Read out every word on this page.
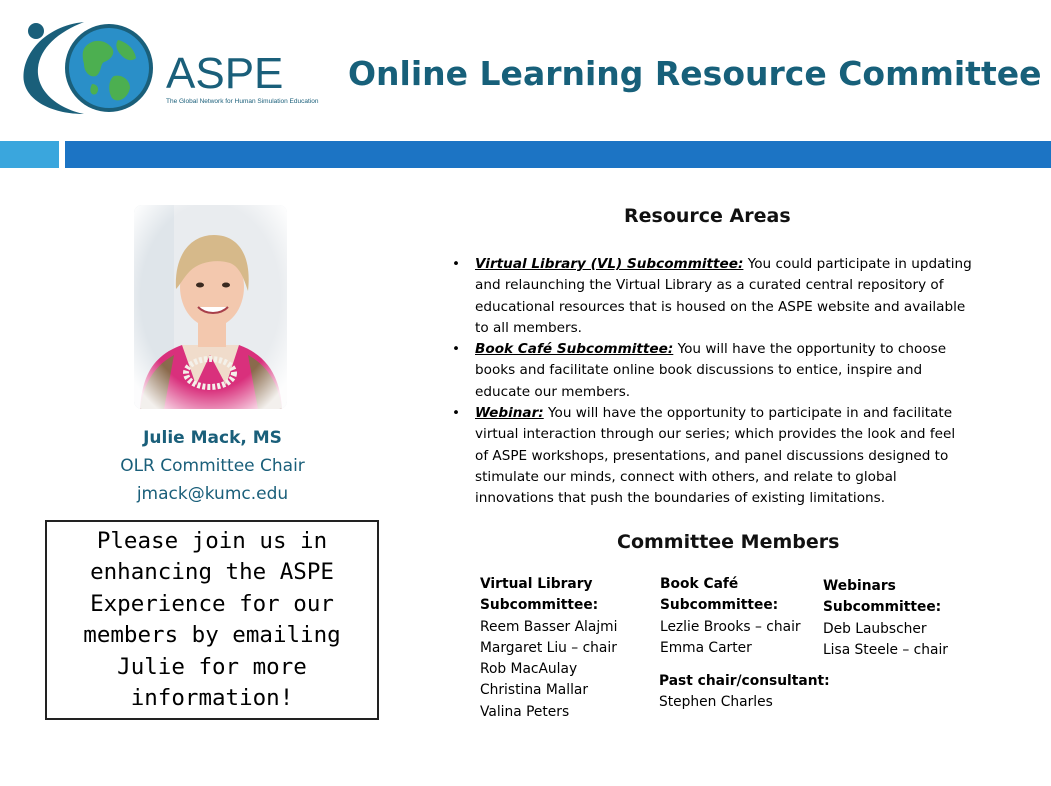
ASPE
The Global Network for Human Simulation Education
Online Learning Resource Committee
Julie Mack, MS
OLR Committee Chair
jmack@kumc.edu
Please join us in enhancing the ASPE Experience for our members by emailing Julie for more information!
Resource Areas
• Virtual Library (VL) Subcommittee: You could participate in updating and relaunching the Virtual Library as a curated central repository of educational resources that is housed on the ASPE website and available to all members.
• Book Café Subcommittee: You will have the opportunity to choose books and facilitate online book discussions to entice, inspire and educate our members.
• Webinar: You will have the opportunity to participate in and facilitate virtual interaction through our series; which provides the look and feel of ASPE workshops, presentations, and panel discussions designed to stimulate our minds, connect with others, and relate to global innovations that push the boundaries of existing limitations.
Committee Members
Virtual Library
Subcommittee:
Reem Basser Alajmi
Margaret Liu – chair
Rob MacAulay
Christina Mallar
Valina Peters
Book Café
Subcommittee:
Lezlie Brooks – chair
Emma Carter
Past chair/consultant:
Stephen Charles
Webinars
Subcommittee:
Deb Laubscher
Lisa Steele – chair
